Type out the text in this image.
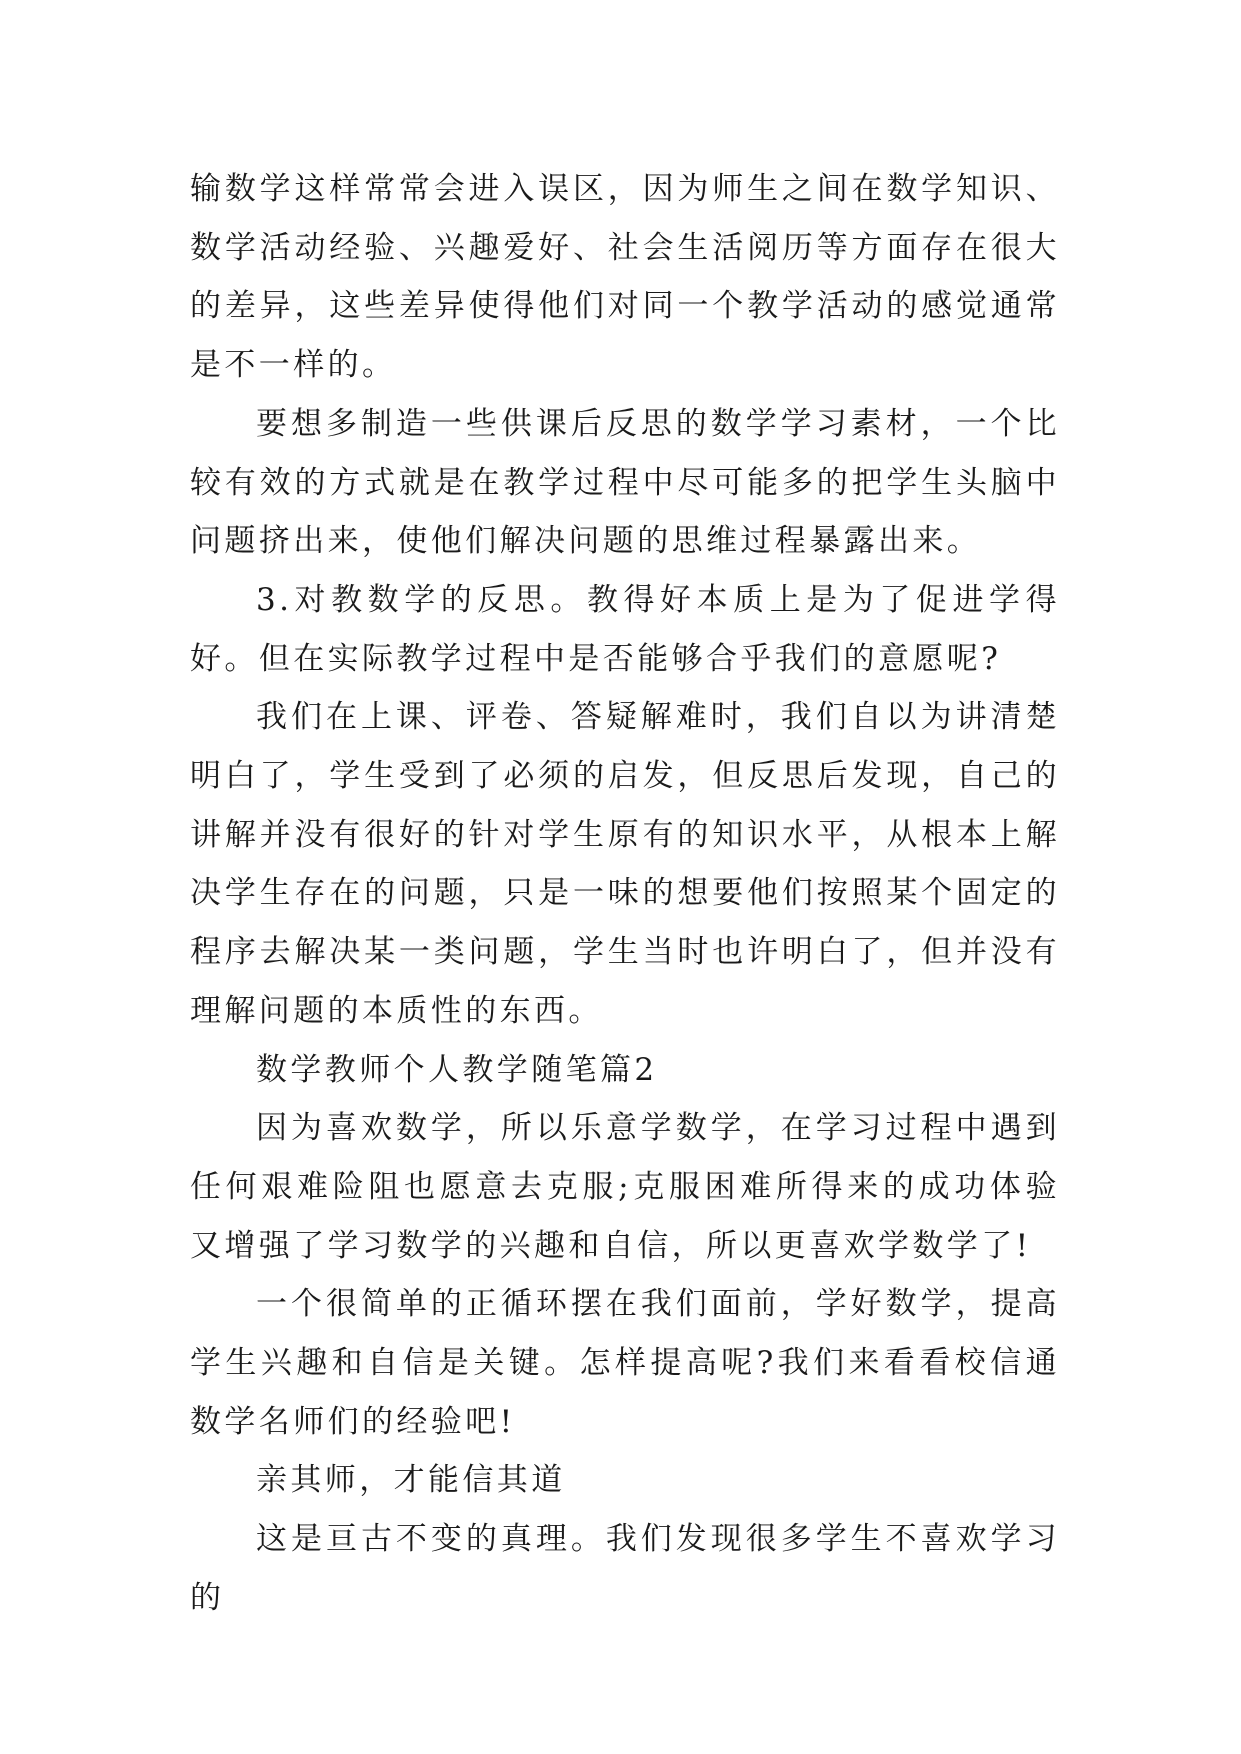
输数学这样常常会进入误区，因为师生之间在数学知识、数学活动经验、兴趣爱好、社会生活阅历等方面存在很大的差异，这些差异使得他们对同一个教学活动的感觉通常是不一样的。

要想多制造一些供课后反思的数学学习素材，一个比较有效的方式就是在教学过程中尽可能多的把学生头脑中问题挤出来，使他们解决问题的思维过程暴露出来。

3.对教数学的反思。教得好本质上是为了促进学得好。但在实际教学过程中是否能够合乎我们的意愿呢?

我们在上课、评卷、答疑解难时，我们自以为讲清楚明白了，学生受到了必须的启发，但反思后发现，自己的讲解并没有很好的针对学生原有的知识水平，从根本上解决学生存在的问题，只是一味的想要他们按照某个固定的程序去解决某一类问题，学生当时也许明白了，但并没有理解问题的本质性的东西。

数学教师个人教学随笔篇2

因为喜欢数学，所以乐意学数学，在学习过程中遇到任何艰难险阻也愿意去克服;克服困难所得来的成功体验又增强了学习数学的兴趣和自信，所以更喜欢学数学了!

一个很简单的正循环摆在我们面前，学好数学，提高学生兴趣和自信是关键。怎样提高呢?我们来看看校信通数学名师们的经验吧!

亲其师，才能信其道

这是亘古不变的真理。我们发现很多学生不喜欢学习的
